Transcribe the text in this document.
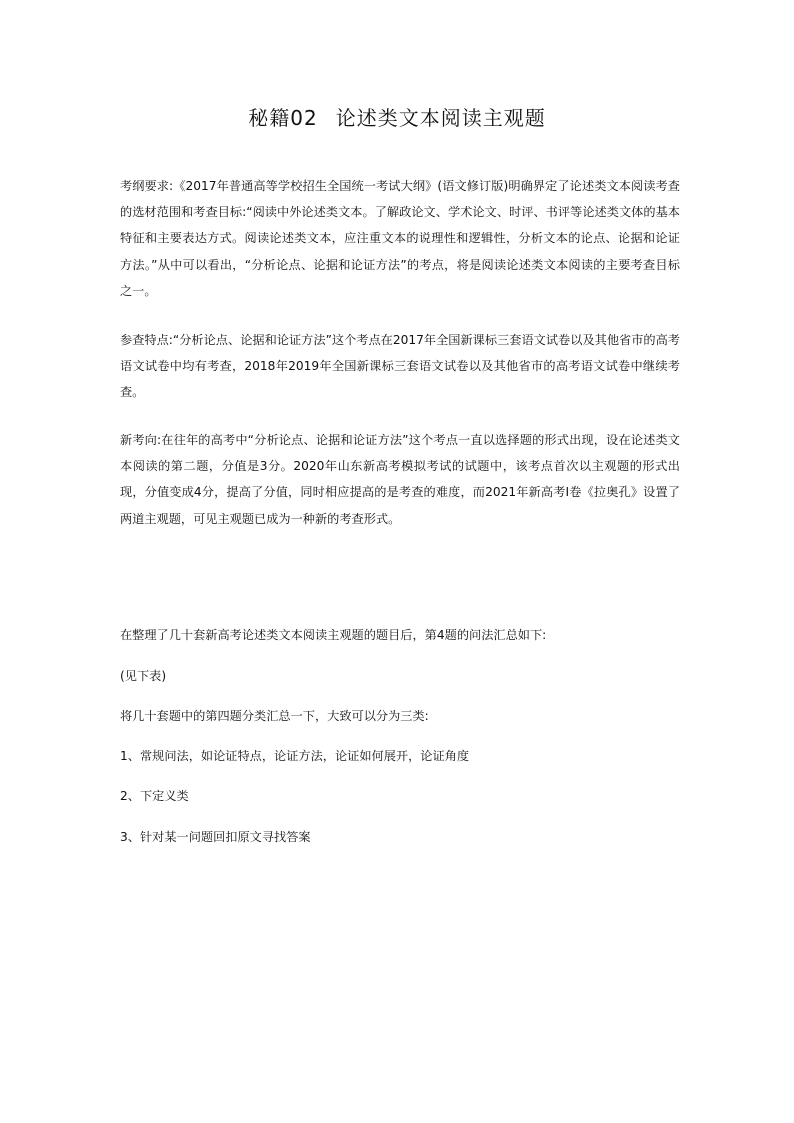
秘籍02 论述类文本阅读主观题

考纲要求:《2017年普通高等学校招生全国统一考试大纲》(语文修订版)明确界定了论述类文本阅读考查的选材范围和考查目标:“阅读中外论述类文本。了解政论文、学术论文、时评、书评等论述类文体的基本特征和主要表达方式。阅读论述类文本，应注重文本的说理性和逻辑性，分析文本的论点、论据和论证方法。”从中可以看出，“分析论点、论据和论证方法”的考点，将是阅读论述类文本阅读的主要考查目标之一。

参查特点:“分析论点、论据和论证方法”这个考点在2017年全国新课标三套语文试卷以及其他省市的高考语文试卷中均有考查，2018年2019年全国新课标三套语文试卷以及其他省市的高考语文试卷中继续考查。

新考向:在往年的高考中“分析论点、论据和论证方法”这个考点一直以选择题的形式出现，设在论述类文本阅读的第二题，分值是3分。2020年山东新高考模拟考试的试题中，该考点首次以主观题的形式出现，分值变成4分，提高了分值，同时相应提高的是考查的难度，而2021年新高考Ⅰ卷《拉奥孔》设置了两道主观题，可见主观题已成为一种新的考查形式。

在整理了几十套新高考论述类文本阅读主观题的题目后，第4题的问法汇总如下:

(见下表)

将几十套题中的第四题分类汇总一下，大致可以分为三类:

1、常规问法，如论证特点，论证方法，论证如何展开，论证角度

2、下定义类

3、针对某一问题回扣原文寻找答案
